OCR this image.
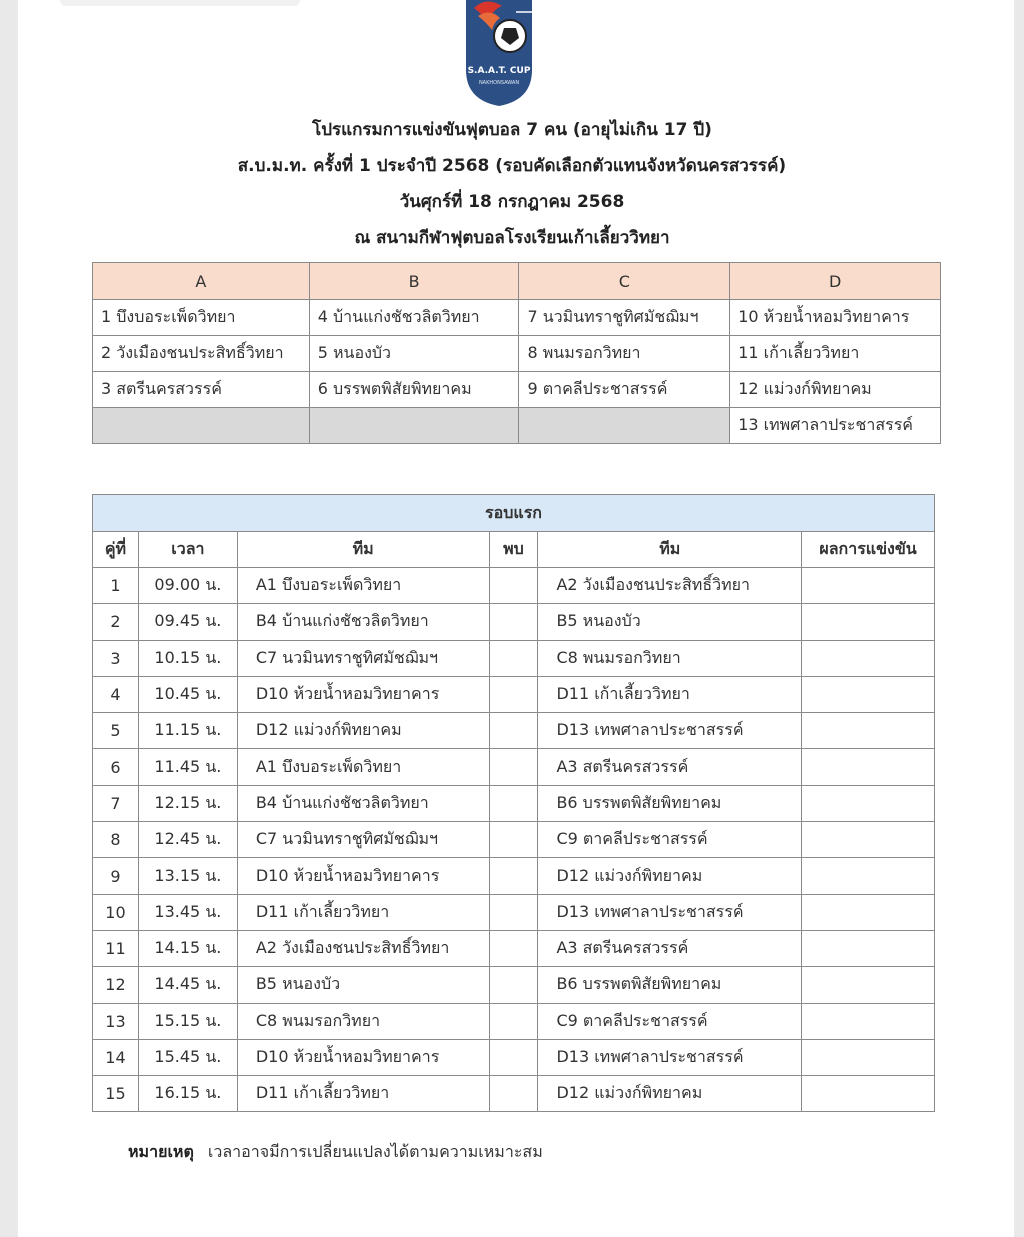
S.A.A.T. CUP
NAKHONSAWAN
โปรแกรมการแข่งขันฟุตบอล 7 คน (อายุไม่เกิน 17 ปี)
ส.บ.ม.ท. ครั้งที่ 1 ประจำปี 2568 (รอบคัดเลือกตัวแทนจังหวัดนครสวรรค์)
วันศุกร์ที่ 18 กรกฎาคม 2568
ณ สนามกีฬาฟุตบอลโรงเรียนเก้าเลี้ยววิทยา
A	B	C	D
1 บึงบอระเพ็ดวิทยา	4 บ้านแก่งชัชวลิตวิทยา	7 นวมินทราชูทิศมัชฌิมฯ	10 ห้วยน้ำหอมวิทยาคาร
2 วังเมืองชนประสิทธิ์วิทยา	5 หนองบัว	8 พนมรอกวิทยา	11 เก้าเลี้ยววิทยา
3 สตรีนครสวรรค์	6 บรรพตพิสัยพิทยาคม	9 ตาคลีประชาสรรค์	12 แม่วงก์พิทยาคม
			13 เทพศาลาประชาสรรค์
รอบแรก					
คู่ที่	เวลา	ทีม	พบ	ทีม	ผลการแข่งขัน
1	09.00 น.	A1 บึงบอระเพ็ดวิทยา		A2 วังเมืองชนประสิทธิ์วิทยา	
2	09.45 น.	B4 บ้านแก่งชัชวลิตวิทยา		B5 หนองบัว	
3	10.15 น.	C7 นวมินทราชูทิศมัชฌิมฯ		C8 พนมรอกวิทยา	
4	10.45 น.	D10 ห้วยน้ำหอมวิทยาคาร		D11 เก้าเลี้ยววิทยา	
5	11.15 น.	D12 แม่วงก์พิทยาคม		D13 เทพศาลาประชาสรรค์	
6	11.45 น.	A1 บึงบอระเพ็ดวิทยา		A3 สตรีนครสวรรค์	
7	12.15 น.	B4 บ้านแก่งชัชวลิตวิทยา		B6 บรรพตพิสัยพิทยาคม	
8	12.45 น.	C7 นวมินทราชูทิศมัชฌิมฯ		C9 ตาคลีประชาสรรค์	
9	13.15 น.	D10 ห้วยน้ำหอมวิทยาคาร		D12 แม่วงก์พิทยาคม	
10	13.45 น.	D11 เก้าเลี้ยววิทยา		D13 เทพศาลาประชาสรรค์	
11	14.15 น.	A2 วังเมืองชนประสิทธิ์วิทยา		A3 สตรีนครสวรรค์	
12	14.45 น.	B5 หนองบัว		B6 บรรพตพิสัยพิทยาคม	
13	15.15 น.	C8 พนมรอกวิทยา		C9 ตาคลีประชาสรรค์	
14	15.45 น.	D10 ห้วยน้ำหอมวิทยาคาร		D13 เทพศาลาประชาสรรค์	
15	16.15 น.	D11 เก้าเลี้ยววิทยา		D12 แม่วงก์พิทยาคม	
หมายเหตุ เวลาอาจมีการเปลี่ยนแปลงได้ตามความเหมาะสม
